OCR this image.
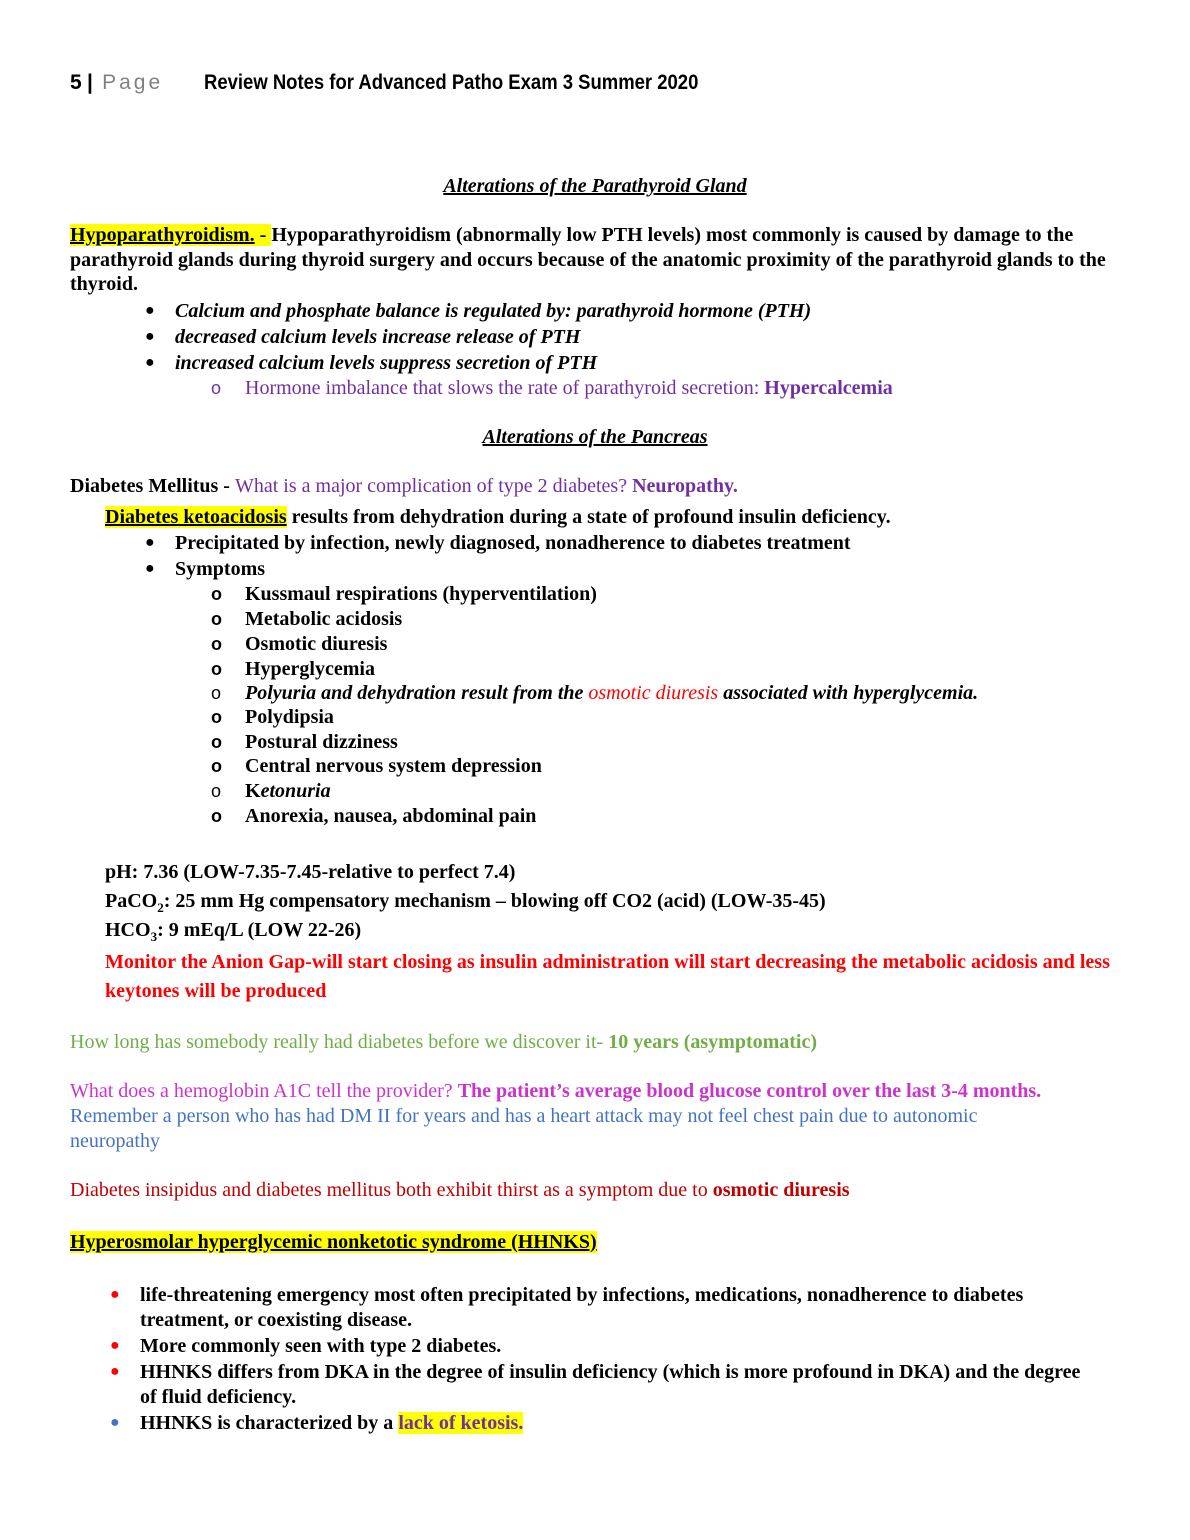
5 | Page Review Notes for Advanced Patho Exam 3 Summer 2020
Alterations of the Parathyroid Gland
Hypoparathyroidism. - Hypoparathyroidism (abnormally low PTH levels) most commonly is caused by damage to the parathyroid glands during thyroid surgery and occurs because of the anatomic proximity of the parathyroid glands to the thyroid.
● Calcium and phosphate balance is regulated by: parathyroid hormone (PTH)
● decreased calcium levels increase release of PTH
● increased calcium levels suppress secretion of PTH
o Hormone imbalance that slows the rate of parathyroid secretion: Hypercalcemia
Alterations of the Pancreas
Diabetes Mellitus - What is a major complication of type 2 diabetes? Neuropathy.
Diabetes ketoacidosis results from dehydration during a state of profound insulin deficiency.
● Precipitated by infection, newly diagnosed, nonadherence to diabetes treatment
● Symptoms
o Kussmaul respirations (hyperventilation)
o Metabolic acidosis
o Osmotic diuresis
o Hyperglycemia
o Polyuria and dehydration result from the osmotic diuresis associated with hyperglycemia.
o Polydipsia
o Postural dizziness
o Central nervous system depression
o Ketonuria
o Anorexia, nausea, abdominal pain
pH: 7.36 (LOW-7.35-7.45-relative to perfect 7.4)
PaCO$_2$: 25 mm Hg compensatory mechanism – blowing off CO2 (acid) (LOW-35-45)
$HCO_3$: 9 mEq/L (LOW 22-26)
Monitor the Anion Gap-will start closing as insulin administration will start decreasing the metabolic acidosis and less keytones will be produced
How long has somebody really had diabetes before we discover it- 10 years (asymptomatic)
What does a hemoglobin A1C tell the provider? The patient’s average blood glucose control over the last 3-4 months.
Remember a person who has had DM II for years and has a heart attack may not feel chest pain due to autonomic neuropathy
Diabetes insipidus and diabetes mellitus both exhibit thirst as a symptom due to osmotic diuresis
Hyperosmolar hyperglycemic nonketotic syndrome (HHNKS)
● life-threatening emergency most often precipitated by infections, medications, nonadherence to diabetes treatment, or coexisting disease.
● More commonly seen with type 2 diabetes.
● HHNKS differs from DKA in the degree of insulin deficiency (which is more profound in DKA) and the degree of fluid deficiency.
● HHNKS is characterized by a lack of ketosis.
